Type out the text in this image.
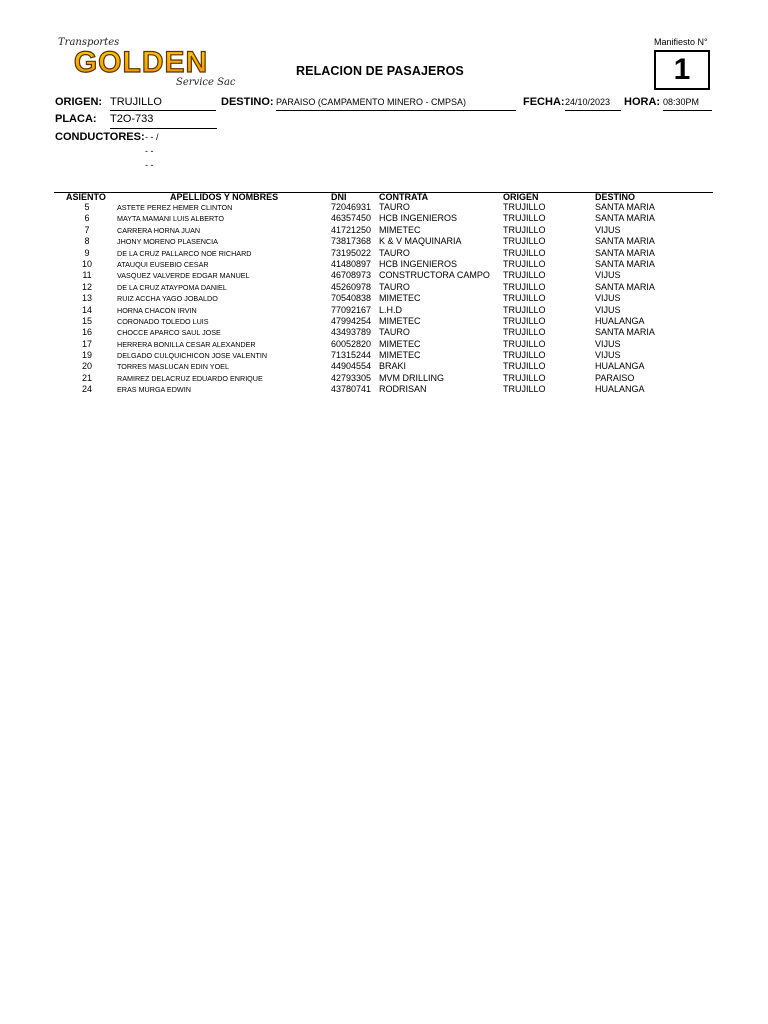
Transportes
GOLDEN
Service Sac
RELACION DE PASAJEROS
Manifiesto N°
1
ORIGEN: TRUJILLO	DESTINO: PARAISO (CAMPAMENTO MINERO - CMPSA)	FECHA: 24/10/2023	HORA: 08:30PM
PLACA: T2O-733
CONDUCTORES: - - /
- -
- -
ASIENTO	APELLIDOS Y NOMBRES	DNI	CONTRATA	ORIGEN	DESTINO
5	ASTETE PEREZ HEMER CLINTON	72046931 TAURO	TRUJILLO	SANTA MARIA
6	MAYTA MAMANI LUIS ALBERTO	46357450 HCB INGENIEROS	TRUJILLO	SANTA MARIA
7	CARRERA HORNA JUAN	41721250 MIMETEC	TRUJILLO	VIJUS
8	JHONY MORENO PLASENCIA	73817368 K & V MAQUINARIA	TRUJILLO	SANTA MARIA
9	DE LA CRUZ PALLARCO NOE RICHARD	73195022 TAURO	TRUJILLO	SANTA MARIA
10	ATAUQUI EUSEBIO CESAR	41480897 HCB INGENIEROS	TRUJILLO	SANTA MARIA
11	VASQUEZ VALVERDE EDGAR MANUEL	46708973 CONSTRUCTORA CAMPO TRUJILLO	VIJUS
12	DE LA CRUZ ATAYPOMA DANIEL	45260978 TAURO	TRUJILLO	SANTA MARIA
13	RUIZ ACCHA YAGO JOBALDO	70540838 MIMETEC	TRUJILLO	VIJUS
14	HORNA CHACON IRVIN	77092167 L.H.D	TRUJILLO	VIJUS
15	CORONADO TOLEDO LUIS	47994254 MIMETEC	TRUJILLO	HUALANGA
16	CHOCCE APARCO SAUL JOSE	43493789 TAURO	TRUJILLO	SANTA MARIA
17	HERRERA BONILLA CESAR ALEXANDER	60052820 MIMETEC	TRUJILLO	VIJUS
19	DELGADO CULQUICHICON JOSE VALENTIN	71315244 MIMETEC	TRUJILLO	VIJUS
20	TORRES MASLUCAN EDIN YOEL	44904554 BRAKI	TRUJILLO	HUALANGA
21	RAMIREZ DELACRUZ EDUARDO ENRIQUE	42793305 MVM DRILLING	TRUJILLO	PARAISO
24	ERAS MURGA EDWIN	43780741 RODRISAN	TRUJILLO	HUALANGA
